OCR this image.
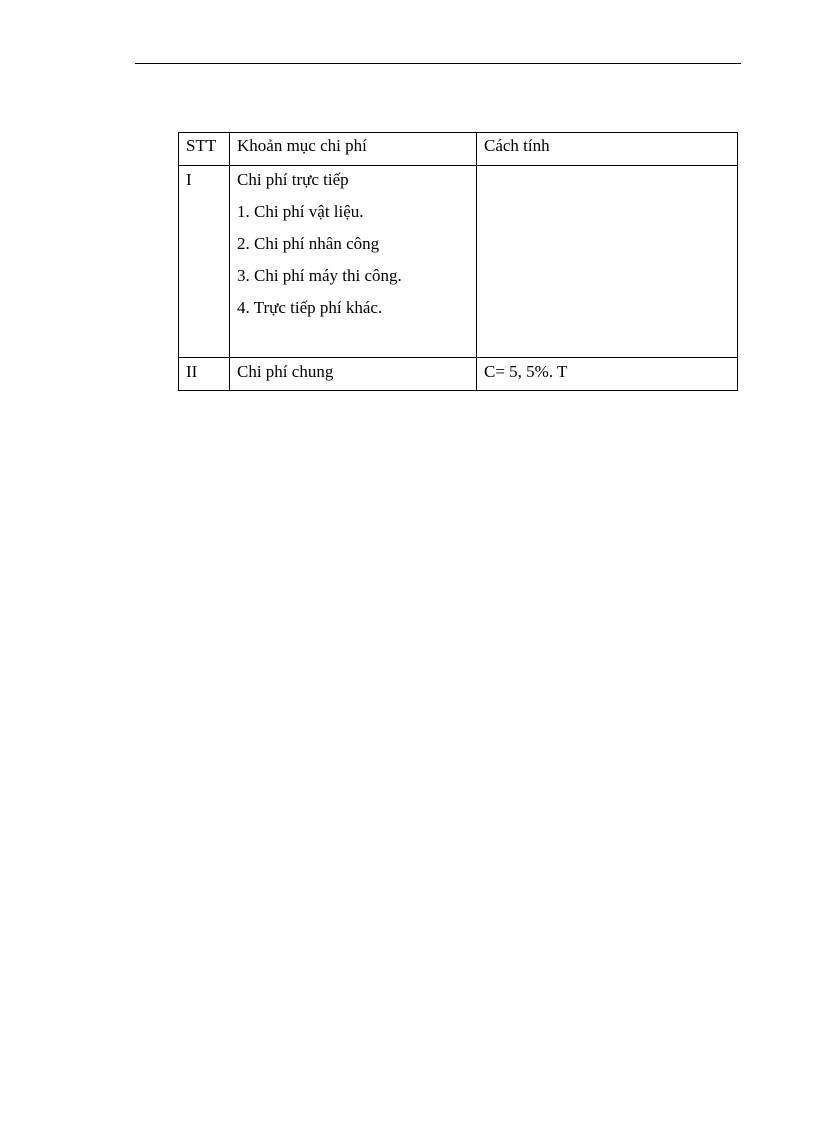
STT	Khoản mục chi phí	Cách tính
I	Chi phí trực tiếp
1. Chi phí vật liệu.
2. Chi phí nhân công
3. Chi phí máy thi công.
4. Trực tiếp phí khác.	

II	Chi phí chung	C= 5, 5%. T
